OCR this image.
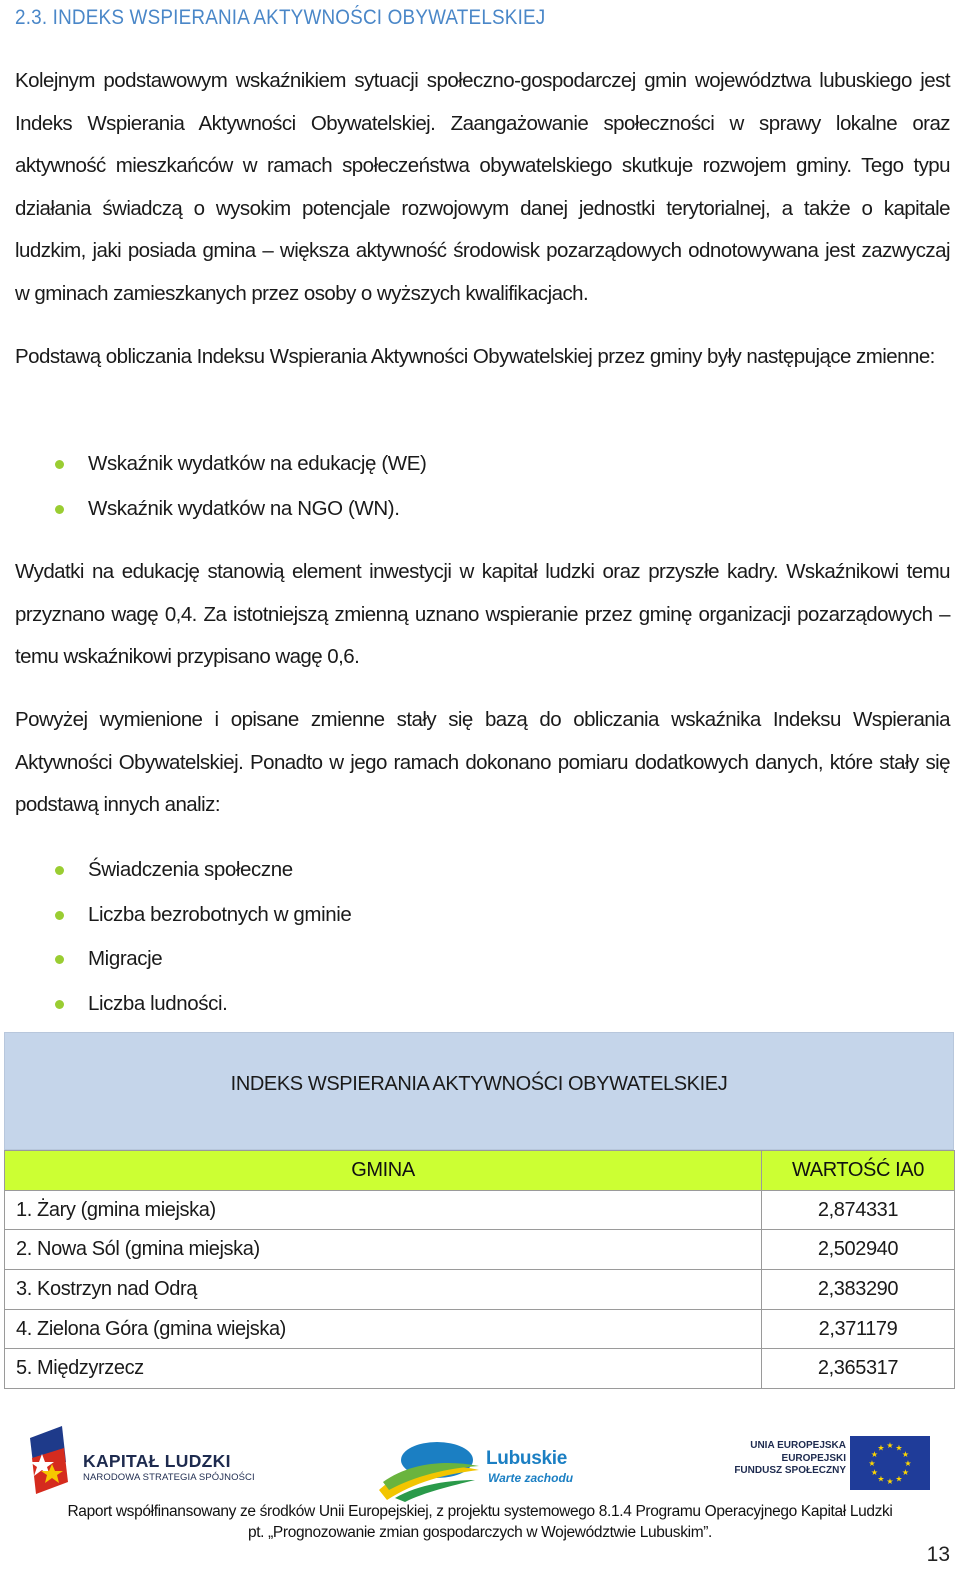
2.3. INDEKS WSPIERANIA AKTYWNOŚCI OBYWATELSKIEJ

Kolejnym podstawowym wskaźnikiem sytuacji społeczno-gospodarczej gmin województwa lubuskiego jest Indeks Wspierania Aktywności Obywatelskiej. Zaangażowanie społeczności w sprawy lokalne oraz aktywność mieszkańców w ramach społeczeństwa obywatelskiego skutkuje rozwojem gminy. Tego typu działania świadczą o wysokim potencjale rozwojowym danej jednostki terytorialnej, a także o kapitale ludzkim, jaki posiada gmina – większa aktywność środowisk pozarządowych odnotowywana jest zazwyczaj w gminach zamieszkanych przez osoby o wyższych kwalifikacjach.

Podstawą obliczania Indeksu Wspierania Aktywności Obywatelskiej przez gminy były następujące zmienne:

Wskaźnik wydatków na edukację (WE)
Wskaźnik wydatków na NGO (WN).

Wydatki na edukację stanowią element inwestycji w kapitał ludzki oraz przyszłe kadry. Wskaźnikowi temu przyznano wagę 0,4. Za istotniejszą zmienną uznano wspieranie przez gminę organizacji pozarządowych – temu wskaźnikowi przypisano wagę 0,6.

Powyżej wymienione i opisane zmienne stały się bazą do obliczania wskaźnika Indeksu Wspierania Aktywności Obywatelskiej. Ponadto w jego ramach dokonano pomiaru dodatkowych danych, które stały się podstawą innych analiz:

Świadczenia społeczne
Liczba bezrobotnych w gminie
Migracje
Liczba ludności.
INDEKS WSPIERANIA AKTYWNOŚCI OBYWATELSKIEJ
GMINA	WARTOŚĆ IA0
1. Żary (gmina miejska)	2,874331
2. Nowa Sól (gmina miejska)	2,502940
3. Kostrzyn nad Odrą	2,383290
4. Zielona Góra (gmina wiejska)	2,371179
5. Międzyrzecz	2,365317
KAPITAŁ LUDZKI
NARODOWA STRATEGIA SPÓJNOŚCI
Lubuskie
Warte zachodu
UNIA EUROPEJSKA
EUROPEJSKI
FUNDUSZ SPOŁECZNY
★ ★
★
★
★
★
★
★
★
★
★
★
Raport współfinansowany ze środków Unii Europejskiej, z projektu systemowego 8.1.4 Programu Operacyjnego Kapitał Ludzki
pt. „Prognozowanie zmian gospodarczych w Województwie Lubuskim”.
13
